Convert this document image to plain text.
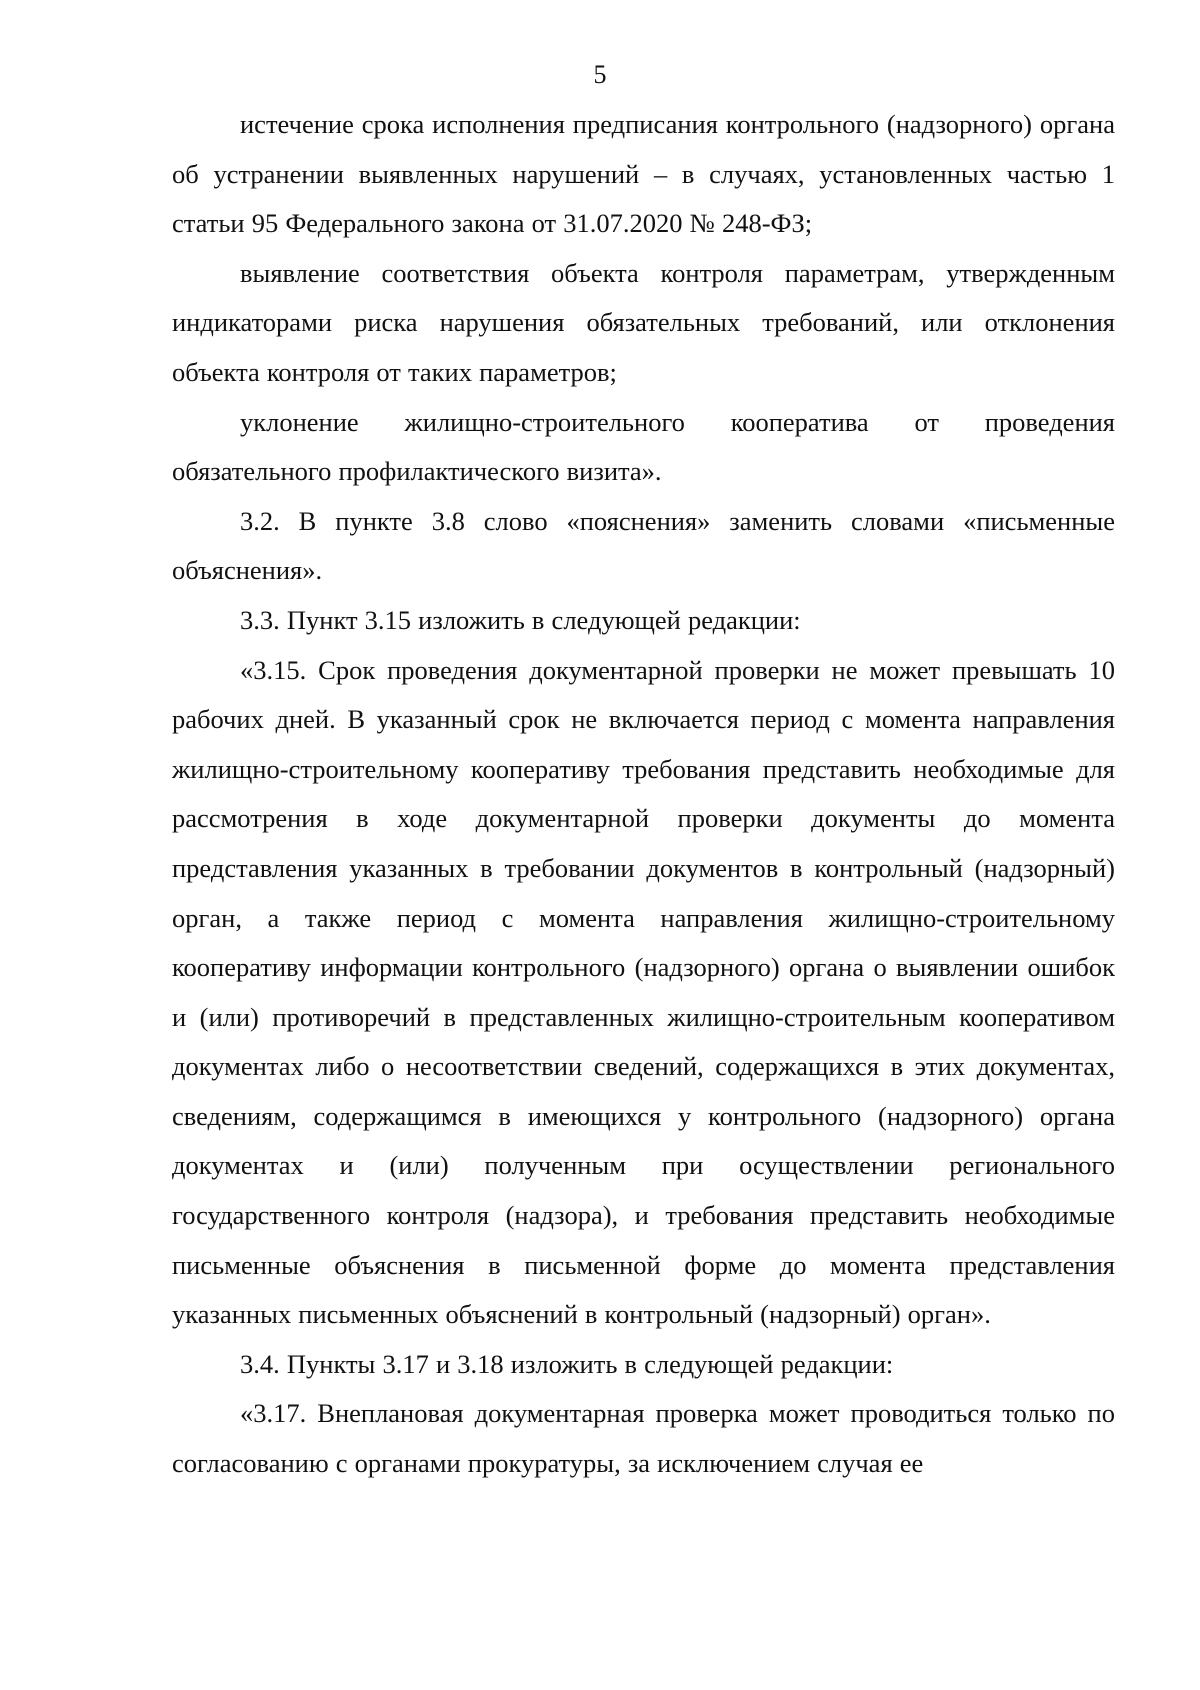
5

истечение срока исполнения предписания контрольного (надзорного) органа об устранении выявленных нарушений – в случаях, установленных частью 1 статьи 95 Федерального закона от 31.07.2020 № 248-ФЗ;

выявление соответствия объекта контроля параметрам, утвержденным индикаторами риска нарушения обязательных требований, или отклонения объекта контроля от таких параметров;

уклонение жилищно-строительного кооператива от проведения обязательного профилактического визита».

3.2. В пункте 3.8 слово «пояснения» заменить словами «письменные объяснения».

3.3. Пункт 3.15 изложить в следующей редакции:

«3.15. Срок проведения документарной проверки не может превышать 10 рабочих дней. В указанный срок не включается период с момента направления жилищно-строительному кооперативу требования представить необходимые для рассмотрения в ходе документарной проверки документы до момента представления указанных в требовании документов в контрольный (надзорный) орган, а также период с момента направления жилищно-строительному кооперативу информации контрольного (надзорного) органа о выявлении ошибок и (или) противоречий в представленных жилищно-строительным кооперативом документах либо о несоответствии сведений, содержащихся в этих документах, сведениям, содержащимся в имеющихся у контрольного (надзорного) органа документах и (или) полученным при осуществлении регионального государственного контроля (надзора), и требования представить необходимые письменные объяснения в письменной форме до момента представления указанных письменных объяснений в контрольный (надзорный) орган».

3.4. Пункты 3.17 и 3.18 изложить в следующей редакции:

«3.17. Внеплановая документарная проверка может проводиться только по согласованию с органами прокуратуры, за исключением случая ее
